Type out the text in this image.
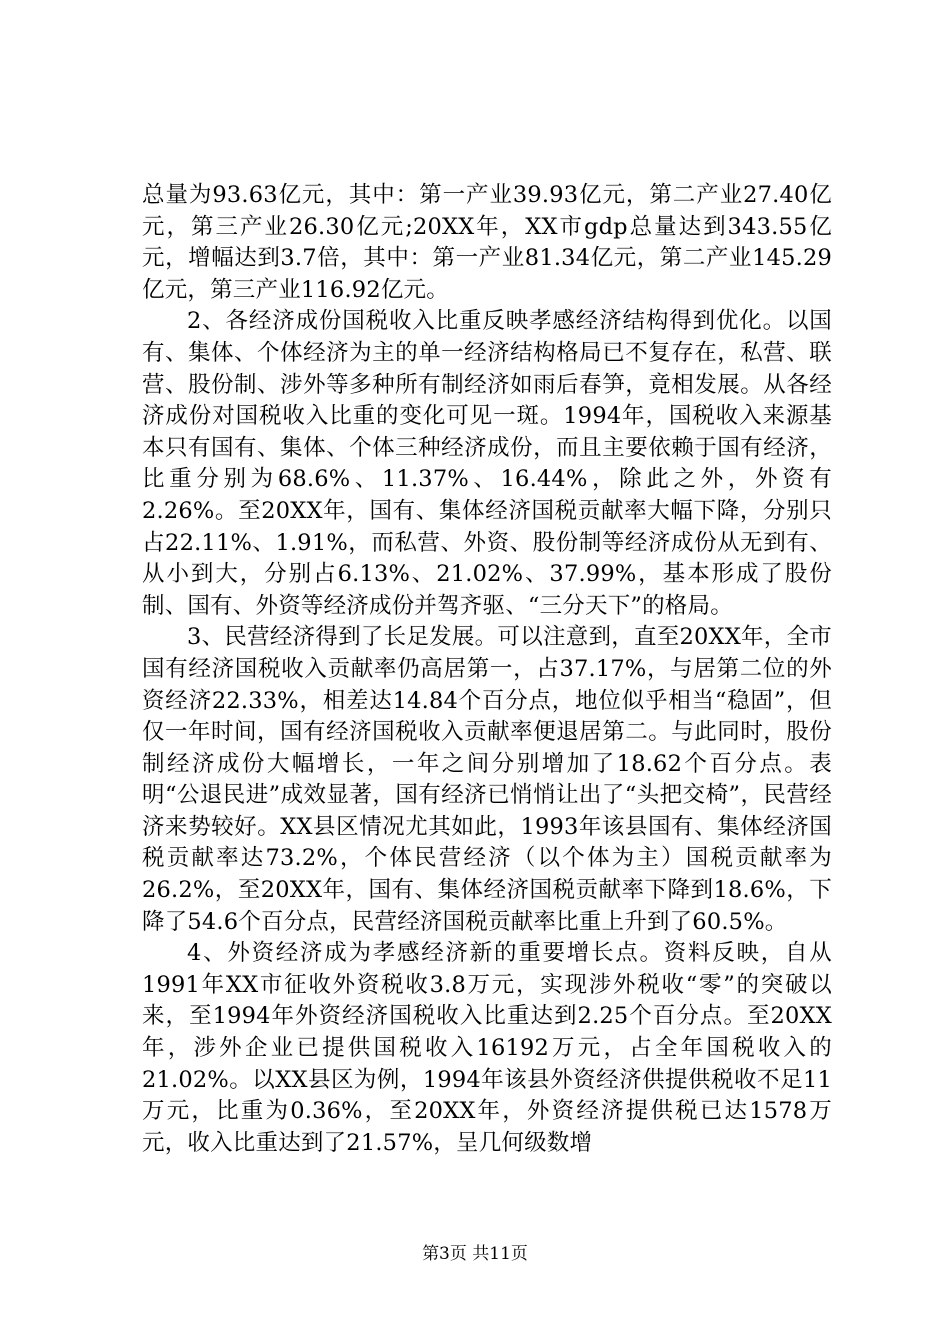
总量为93.63亿元，其中：第一产业39.93亿元，第二产业27.40亿元，第三产业26.30亿元;20XX年，XX市gdp总量达到343.55亿元，增幅达到3.7倍，其中：第一产业81.34亿元，第二产业145.29亿元，第三产业116.92亿元。

2、各经济成份国税收入比重反映孝感经济结构得到优化。以国有、集体、个体经济为主的单一经济结构格局已不复存在，私营、联营、股份制、涉外等多种所有制经济如雨后春笋，竟相发展。从各经济成份对国税收入比重的变化可见一斑。1994年，国税收入来源基本只有国有、集体、个体三种经济成份，而且主要依赖于国有经济，比重分别为68.6%、11.37%、16.44%，除此之外，外资有2.26%。至20XX年，国有、集体经济国税贡献率大幅下降，分别只占22.11%、1.91%，而私营、外资、股份制等经济成份从无到有、从小到大，分别占6.13%、21.02%、37.99%，基本形成了股份制、国有、外资等经济成份并驾齐驱、“三分天下”的格局。

3、民营经济得到了长足发展。可以注意到，直至20XX年，全市国有经济国税收入贡献率仍高居第一，占37.17%，与居第二位的外资经济22.33%，相差达14.84个百分点，地位似乎相当“稳固”，但仅一年时间，国有经济国税收入贡献率便退居第二。与此同时，股份制经济成份大幅增长，一年之间分别增加了18.62个百分点。表明“公退民进”成效显著，国有经济已悄悄让出了“头把交椅”，民营经济来势较好。XX县区情况尤其如此，1993年该县国有、集体经济国税贡献率达73.2%，个体民营经济（以个体为主）国税贡献率为26.2%，至20XX年，国有、集体经济国税贡献率下降到18.6%，下降了54.6个百分点，民营经济国税贡献率比重上升到了60.5%。

4、外资经济成为孝感经济新的重要增长点。资料反映，自从1991年XX市征收外资税收3.8万元，实现涉外税收“零”的突破以来，至1994年外资经济国税收入比重达到2.25个百分点。至20XX年，涉外企业已提供国税收入16192万元，占全年国税收入的21.02%。以XX县区为例，1994年该县外资经济供提供税收不足11万元，比重为0.36%，至20XX年，外资经济提供税已达1578万元，收入比重达到了21.57%，呈几何级数增

第3页 共11页
